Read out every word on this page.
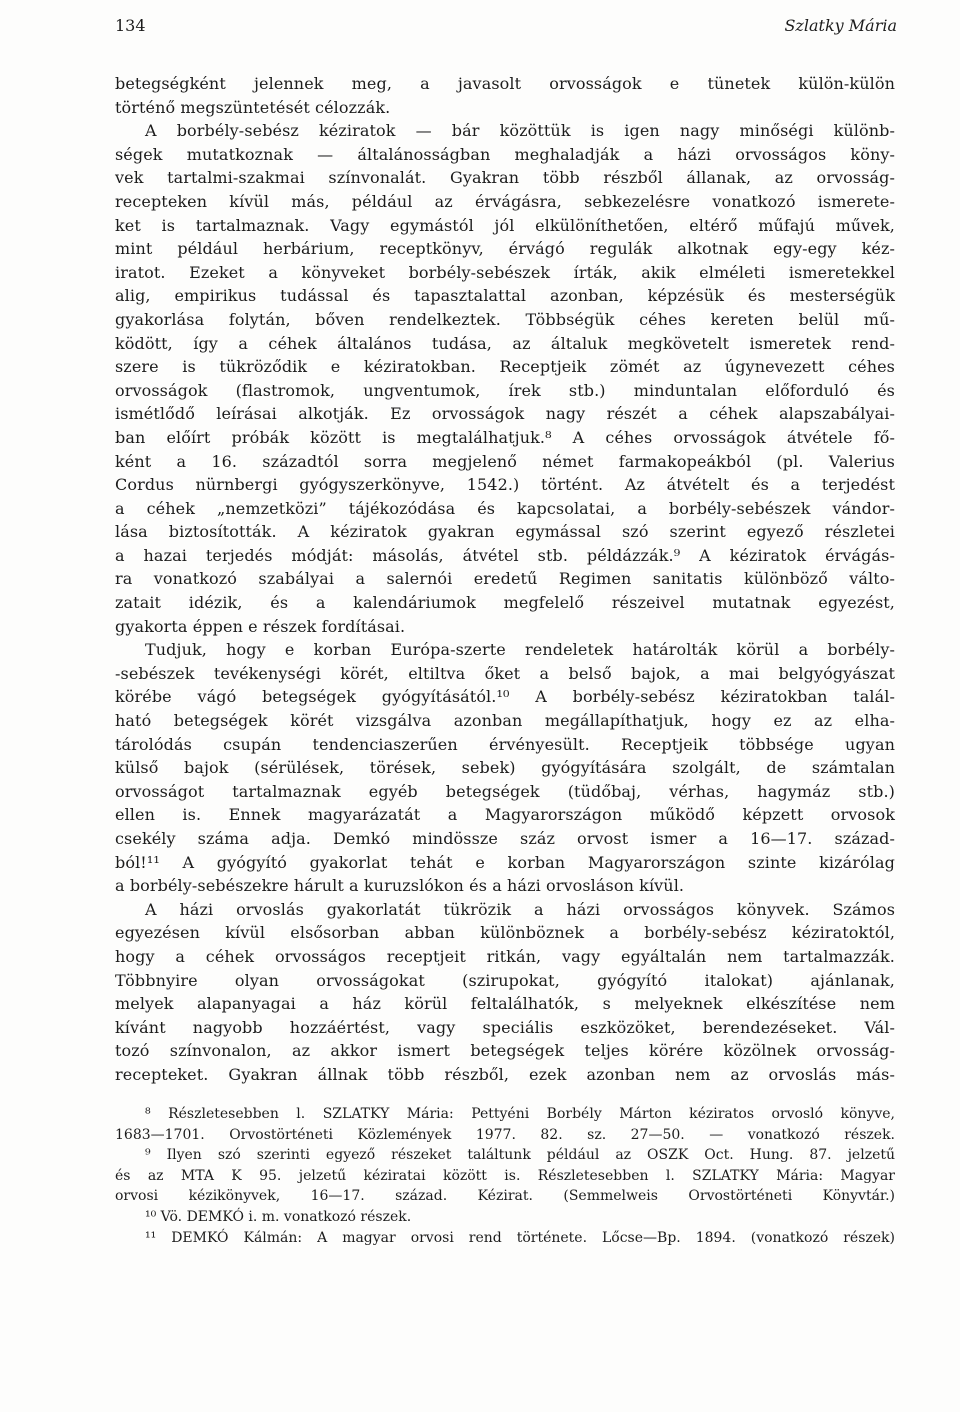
134	Szlatky Mária
betegségként jelennek meg, a javasolt orvosságok e tünetek külön-külön
történő megszüntetését célozzák.
A borbély-sebész kéziratok — bár közöttük is igen nagy minőségi különb-
ségek mutatkoznak — általánosságban meghaladják a házi orvosságos köny-
vek tartalmi-szakmai színvonalát. Gyakran több részből állanak, az orvosság-
recepteken kívül más, például az érvágásra, sebkezelésre vonatkozó ismerete-
ket is tartalmaznak. Vagy egymástól jól elkülöníthetően, eltérő műfajú művek,
mint például herbárium, receptkönyv, érvágó regulák alkotnak egy-egy kéz-
iratot. Ezeket a könyveket borbély-sebészek írták, akik elméleti ismeretekkel
alig, empirikus tudással és tapasztalattal azonban, képzésük és mesterségük
gyakorlása folytán, bőven rendelkeztek. Többségük céhes kereten belül mű-
ködött, így a céhek általános tudása, az általuk megkövetelt ismeretek rend-
szere is tükröződik e kéziratokban. Receptjeik zömét az úgynevezett céhes
orvosságok (flastromok, ungventumok, írek stb.) minduntalan előforduló és
ismétlődő leírásai alkotják. Ez orvosságok nagy részét a céhek alapszabályai-
ban előírt próbák között is megtalálhatjuk.⁸ A céhes orvosságok átvétele fő-
ként a 16. századtól sorra megjelenő német farmakopeákból (pl. Valerius
Cordus nürnbergi gyógyszerkönyve, 1542.) történt. Az átvételt és a terjedést
a céhek „nemzetközi” tájékozódása és kapcsolatai, a borbély-sebészek vándor-
lása biztosították. A kéziratok gyakran egymással szó szerint egyező részletei
a hazai terjedés módját: másolás, átvétel stb. példázzák.⁹ A kéziratok érvágás-
ra vonatkozó szabályai a salernói eredetű Regimen sanitatis különböző válto-
zatait idézik, és a kalendáriumok megfelelő részeivel mutatnak egyezést,
gyakorta éppen e részek fordításai.
Tudjuk, hogy e korban Európa-szerte rendeletek határolták körül a borbély-
-sebészek tevékenységi körét, eltiltva őket a belső bajok, a mai belgyógyászat
körébe vágó betegségek gyógyításától.¹⁰ A borbély-sebész kéziratokban talál-
ható betegségek körét vizsgálva azonban megállapíthatjuk, hogy ez az elha-
tárolódás csupán tendenciaszerűen érvényesült. Receptjeik többsége ugyan
külső bajok (sérülések, törések, sebek) gyógyítására szolgált, de számtalan
orvosságot tartalmaznak egyéb betegségek (tüdőbaj, vérhas, hagymáz stb.)
ellen is. Ennek magyarázatát a Magyarországon működő képzett orvosok
csekély száma adja. Demkó mindössze száz orvost ismer a 16—17. század-
ból!¹¹ A gyógyító gyakorlat tehát e korban Magyarországon szinte kizárólag
a borbély-sebészekre hárult a kuruzslókon és a házi orvosláson kívül.
A házi orvoslás gyakorlatát tükrözik a házi orvosságos könyvek. Számos
egyezésen kívül elsősorban abban különböznek a borbély-sebész kéziratoktól,
hogy a céhek orvosságos receptjeit ritkán, vagy egyáltalán nem tartalmazzák.
Többnyire olyan orvosságokat (szirupokat, gyógyító italokat) ajánlanak,
melyek alapanyagai a ház körül feltalálhatók, s melyeknek elkészítése nem
kívánt nagyobb hozzáértést, vagy speciális eszközöket, berendezéseket. Vál-
tozó színvonalon, az akkor ismert betegségek teljes körére közölnek orvosság-
recepteket. Gyakran állnak több részből, ezek azonban nem az orvoslás más-
⁸ Részletesebben l. SZLATKY Mária: Pettyéni Borbély Márton kéziratos orvosló könyve,
1683—1701. Orvostörténeti Közlemények 1977. 82. sz. 27—50. — vonatkozó részek.
⁹ Ilyen szó szerinti egyező részeket találtunk például az OSZK Oct. Hung. 87. jelzetű
és az MTA K 95. jelzetű kéziratai között is. Részletesebben l. SZLATKY Mária: Magyar
orvosi kézikönyvek, 16—17. század. Kézirat. (Semmelweis Orvostörténeti Könyvtár.)
¹⁰ Vö. DEMKÓ i. m. vonatkozó részek.
¹¹ DEMKÓ Kálmán: A magyar orvosi rend története. Lőcse—Bp. 1894. (vonatkozó részek)
